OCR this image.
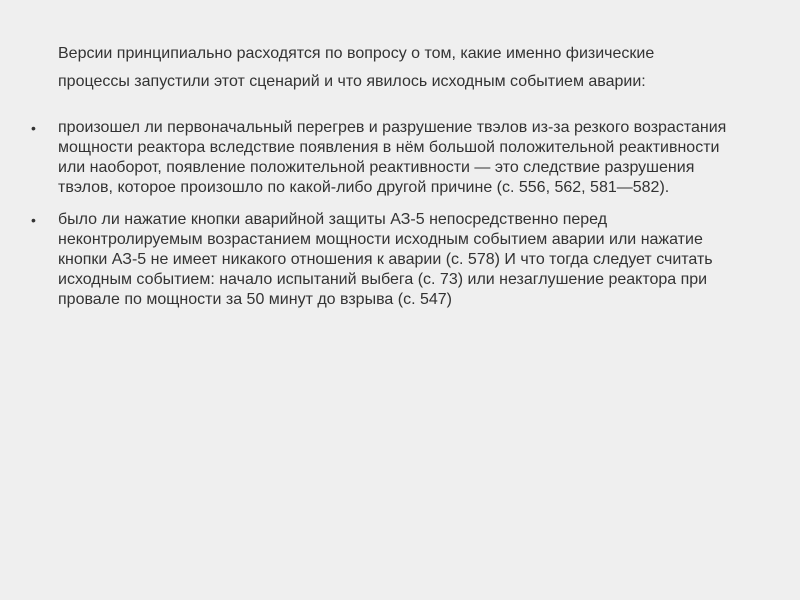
Версии принципиально расходятся по вопросу о том, какие именно физические
процессы запустили этот сценарий и что явилось исходным событием аварии:

• произошел ли первоначальный перегрев и разрушение твэлов из-за резкого возрастания мощности реактора вследствие появления в нём большой положительной реактивности или наоборот, появление положительной реактивности — это следствие разрушения твэлов, которое произошло по какой-либо другой причине (с. 556, 562, 581—582).
• было ли нажатие кнопки аварийной защиты АЗ-5 непосредственно перед неконтролируемым возрастанием мощности исходным событием аварии или нажатие кнопки АЗ-5 не имеет никакого отношения к аварии (с. 578) И что тогда следует считать исходным событием: начало испытаний выбега (с. 73) или незаглушение реактора при провале по мощности за 50 минут до взрыва (с. 547)
